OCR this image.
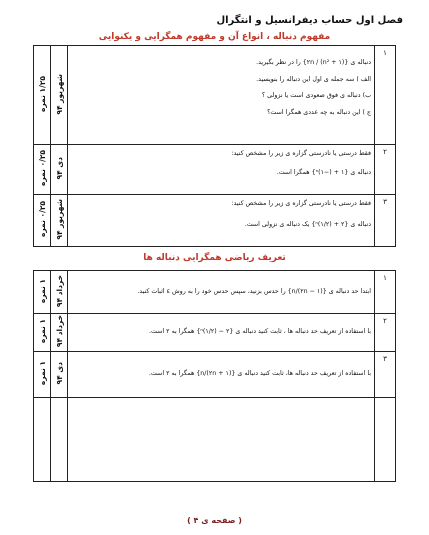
فصل اول حساب دیفرانسیل و انتگرال
مفهوم دنباله ، انواع آن و مفهوم همگرایی و یکنوایی
۱	دنباله ی {۲n / (n² + ۱)} را در نظر بگیرید.
الف ) سه جمله ی اول این دنباله را بنویسید.
ب) دنباله ی فوق صعودی است یا نزولی ؟
ج ) این دنباله به چه عددی همگرا است؟	شهریور ۹۴	۱/۲۵ نمره
۲	فقط درستی یا نادرستی گزاره ی زیر را مشخص کنید:
دنباله ی {۱ + (−۱)ⁿ} همگرا است.	دی ۹۴	۰/۲۵ نمره
۳	فقط درستی یا نادرستی گزاره ی زیر را مشخص کنید:
دنباله ی {۲ + (۱/۲)ⁿ} یک دنباله ی نزولی است.	شهریور ۹۴	۰/۲۵ نمره
تعریف ریاضی همگرایی دنباله ها
۱	ابتدا حد دنباله ی {(۲n − ۱)/n} را حدس بزنید، سپس حدس خود را به روش ε اثبات کنید.	خرداد ۹۴	۱ نمره
۲	با استفاده از تعریف حد دنباله ها ، ثابت کنید دنباله ی {۲ − (۱/۲)ⁿ} همگرا به ۲ است.	خرداد ۹۴	۱ نمره
۳	با استفاده از تعریف حد دنباله ها، ثابت کنید دنباله ی {(۲n + ۱)/n} همگرا به ۲ است.	دی ۹۴	۱ نمره

( صفحه ی ۴ )
